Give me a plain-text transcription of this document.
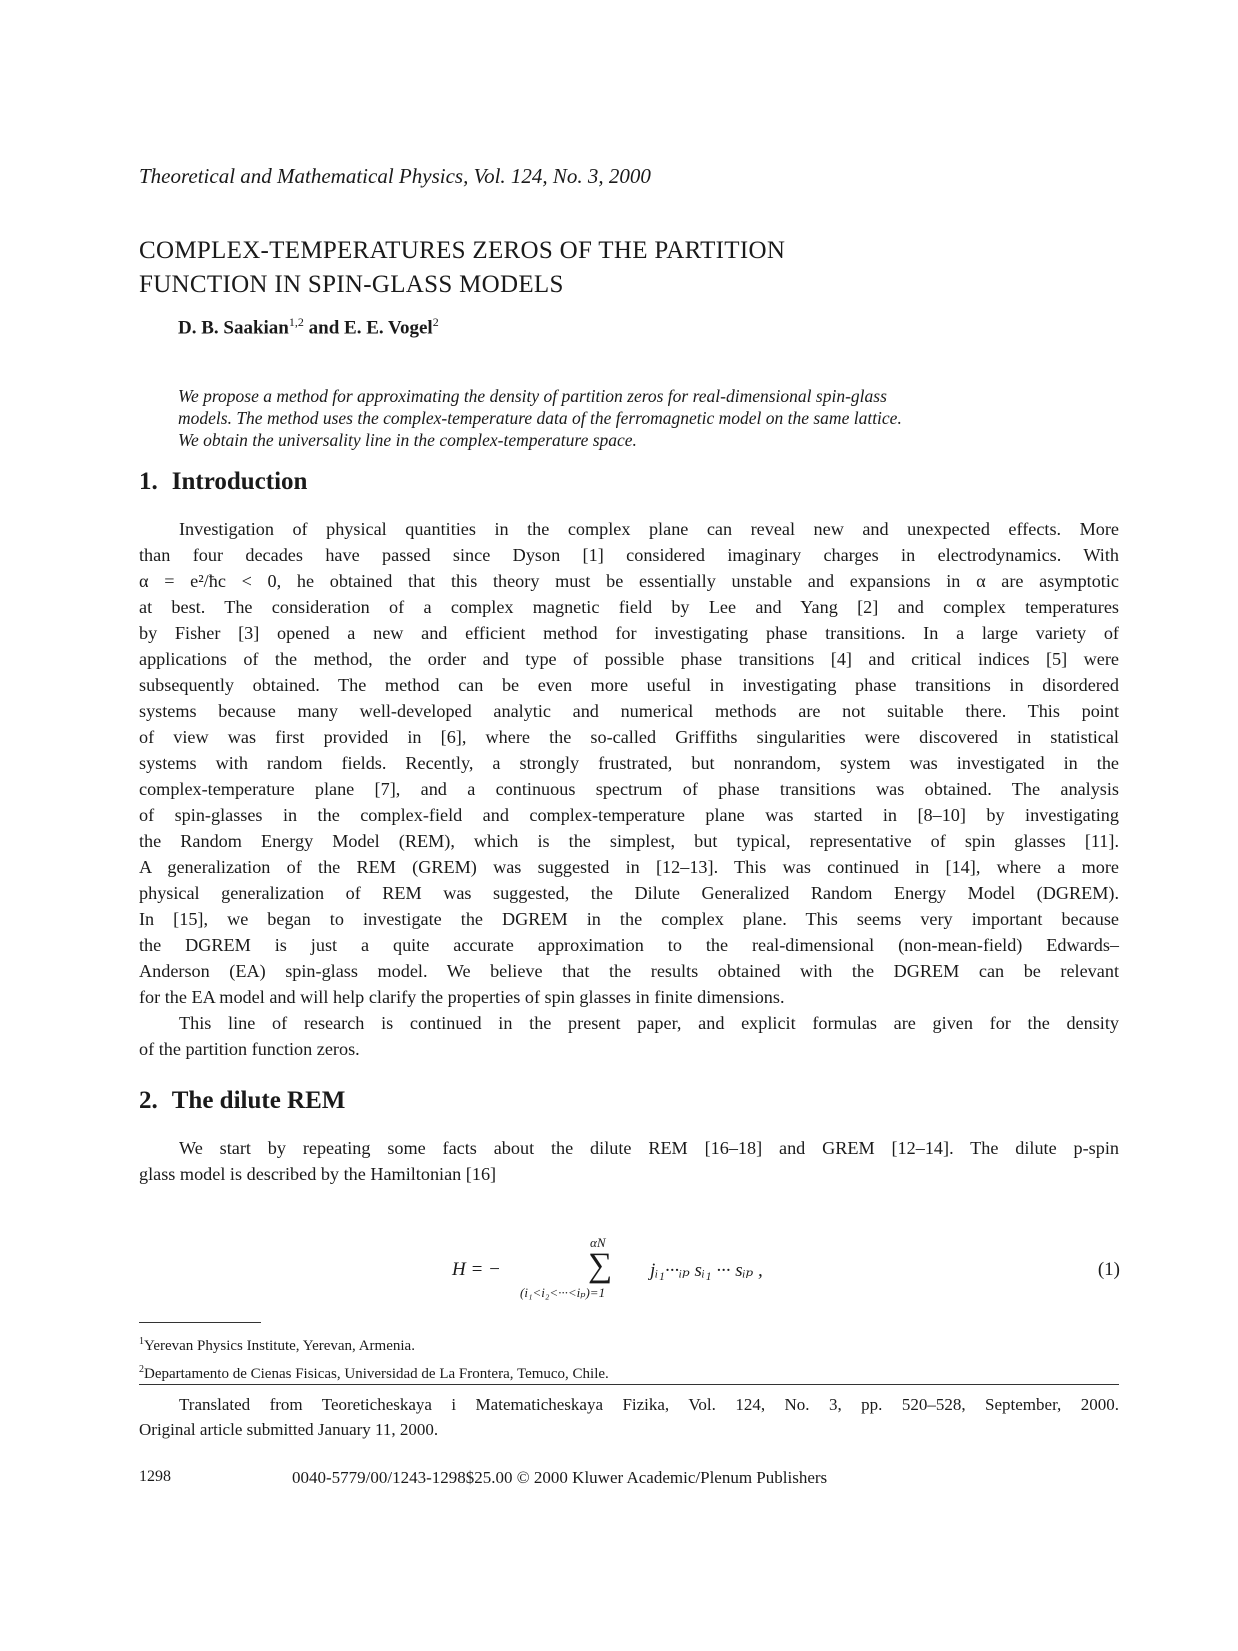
Theoretical and Mathematical Physics, Vol. 124, No. 3, 2000
COMPLEX-TEMPERATURES ZEROS OF THE PARTITION
FUNCTION IN SPIN-GLASS MODELS
D. B. Saakian$^{1,2}$ and E. E. Vogel$^2$
We propose a method for approximating the density of partition zeros for real-dimensional spin-glass
models. The method uses the complex-temperature data of the ferromagnetic model on the same lattice.
We obtain the universality line in the complex-temperature space.
1. Introduction
Investigation of physical quantities in the complex plane can reveal new and unexpected effects. More
than four decades have passed since Dyson [1] considered imaginary charges in electrodynamics. With
α = e²/ħc < 0, he obtained that this theory must be essentially unstable and expansions in α are asymptotic
at best. The consideration of a complex magnetic field by Lee and Yang [2] and complex temperatures
by Fisher [3] opened a new and efficient method for investigating phase transitions. In a large variety of
applications of the method, the order and type of possible phase transitions [4] and critical indices [5] were
subsequently obtained. The method can be even more useful in investigating phase transitions in disordered
systems because many well-developed analytic and numerical methods are not suitable there. This point
of view was first provided in [6], where the so-called Griffiths singularities were discovered in statistical
systems with random fields. Recently, a strongly frustrated, but nonrandom, system was investigated in the
complex-temperature plane [7], and a continuous spectrum of phase transitions was obtained. The analysis
of spin-glasses in the complex-field and complex-temperature plane was started in [8–10] by investigating
the Random Energy Model (REM), which is the simplest, but typical, representative of spin glasses [11].
A generalization of the REM (GREM) was suggested in [12–13]. This was continued in [14], where a more
physical generalization of REM was suggested, the Dilute Generalized Random Energy Model (DGREM).
In [15], we began to investigate the DGREM in the complex plane. This seems very important because
the DGREM is just a quite accurate approximation to the real-dimensional (non-mean-field) Edwards–
Anderson (EA) spin-glass model. We believe that the results obtained with the DGREM can be relevant
for the EA model and will help clarify the properties of spin glasses in finite dimensions.
This line of research is continued in the present paper, and explicit formulas are given for the density
of the partition function zeros.
2. The dilute REM
We start by repeating some facts about the dilute REM [16–18] and GREM [12–14]. The dilute p-spin
glass model is described by the Hamiltonian [16]
H = −
αN
∑
(i₁<i₂<···<iₚ)=1
jᵢ₁···ᵢₚ sᵢ₁ ··· sᵢₚ ,	(1)
$^1$Yerevan Physics Institute, Yerevan, Armenia.
$^2$Departamento de Cienas Fisicas, Universidad de La Frontera, Temuco, Chile.
Translated from Teoreticheskaya i Matematicheskaya Fizika, Vol. 124, No. 3, pp. 520–528, September, 2000.
Original article submitted January 11, 2000.
1298	0040-5779/00/1243-1298$25.00 © 2000 Kluwer Academic/Plenum Publishers
